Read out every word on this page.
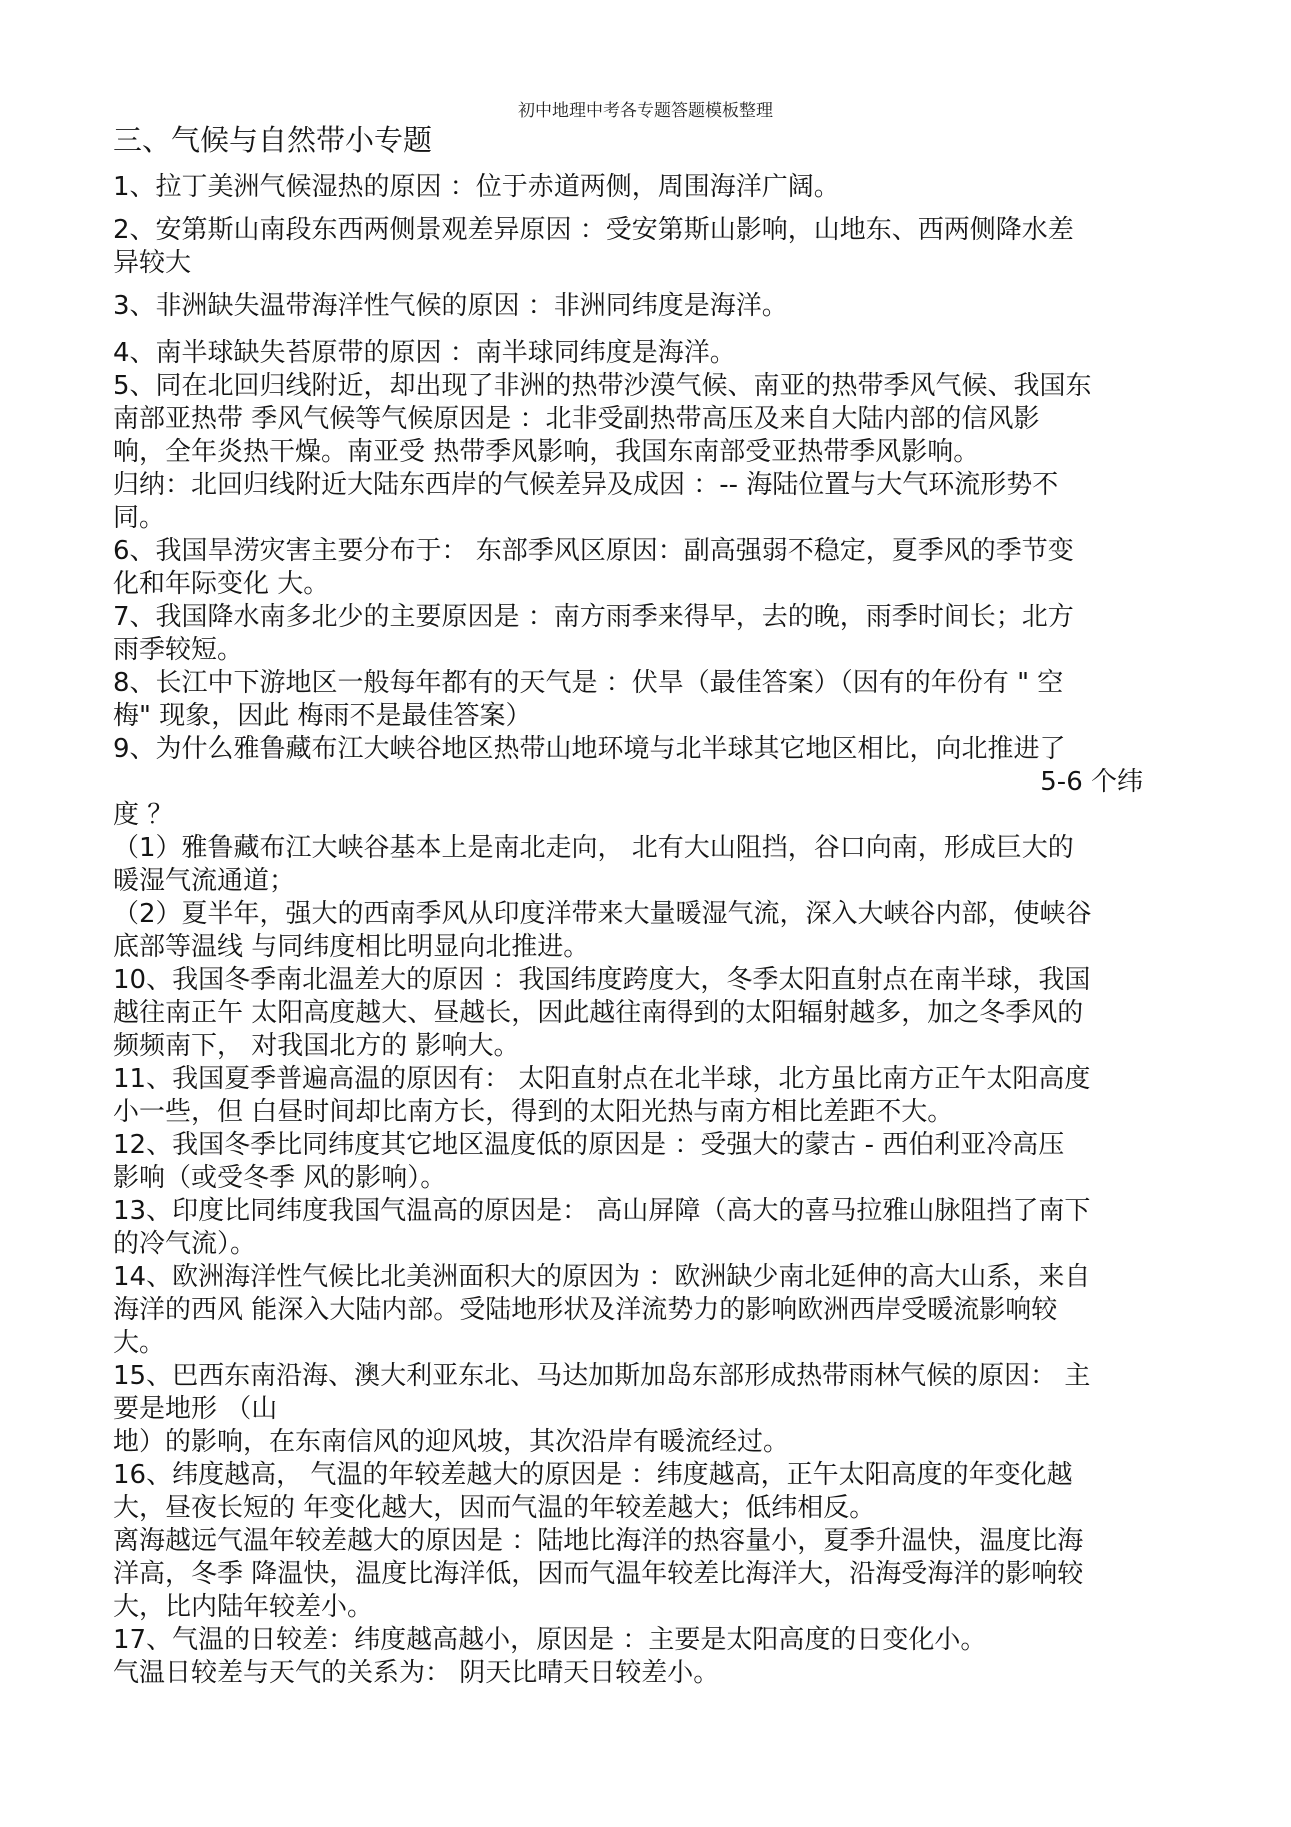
初中地理中考各专题答题模板整理

三、气候与自然带小专题

1、拉丁美洲气候湿热的原因 ：位于赤道两侧，周围海洋广阔。

2、安第斯山南段东西两侧景观差异原因 ：受安第斯山影响，山地东、西两侧降水差

异较大

3、非洲缺失温带海洋性气候的原因 ：非洲同纬度是海洋。

4、南半球缺失苔原带的原因 ：南半球同纬度是海洋。

5、同在北回归线附近，却出现了非洲的热带沙漠气候、南亚的热带季风气候、我国东

南部亚热带 季风气候等气候原因是 ：北非受副热带高压及来自大陆内部的信风影

响，全年炎热干燥。南亚受 热带季风影响，我国东南部受亚热带季风影响。

归纳：北回归线附近大陆东西岸的气候差异及成因 ：-- 海陆位置与大气环流形势不

同。

6、我国旱涝灾害主要分布于： 东部季风区原因：副高强弱不稳定，夏季风的季节变

化和年际变化 大。

7、我国降水南多北少的主要原因是 ：南方雨季来得早，去的晚，雨季时间长；北方

雨季较短。

8、长江中下游地区一般每年都有的天气是 ：伏旱（最佳答案）（因有的年份有 " 空

梅" 现象，因此 梅雨不是最佳答案）

9、为什么雅鲁藏布江大峡谷地区热带山地环境与北半球其它地区相比，向北推进了

5-6 个纬

度 ？

（1）雅鲁藏布江大峡谷基本上是南北走向， 北有大山阻挡，谷口向南，形成巨大的

暖湿气流通道；

（2）夏半年，强大的西南季风从印度洋带来大量暖湿气流，深入大峡谷内部，使峡谷

底部等温线 与同纬度相比明显向北推进。

10、我国冬季南北温差大的原因 ：我国纬度跨度大，冬季太阳直射点在南半球，我国

越往南正午 太阳高度越大、昼越长，因此越往南得到的太阳辐射越多，加之冬季风的

频频南下， 对我国北方的 影响大。

11、我国夏季普遍高温的原因有： 太阳直射点在北半球，北方虽比南方正午太阳高度

小一些，但 白昼时间却比南方长，得到的太阳光热与南方相比差距不大。

12、我国冬季比同纬度其它地区温度低的原因是 ：受强大的蒙古 - 西伯利亚冷高压

影响（或受冬季 风的影响）。

13、印度比同纬度我国气温高的原因是： 高山屏障（高大的喜马拉雅山脉阻挡了南下

的冷气流）。

14、欧洲海洋性气候比北美洲面积大的原因为 ：欧洲缺少南北延伸的高大山系，来自

海洋的西风 能深入大陆内部。受陆地形状及洋流势力的影响欧洲西岸受暖流影响较

大。

15、巴西东南沿海、澳大利亚东北、马达加斯加岛东部形成热带雨林气候的原因： 主

要是地形 （山

地）的影响，在东南信风的迎风坡，其次沿岸有暖流经过。

16、纬度越高， 气温的年较差越大的原因是 ：纬度越高，正午太阳高度的年变化越

大，昼夜长短的 年变化越大，因而气温的年较差越大；低纬相反。

离海越远气温年较差越大的原因是 ：陆地比海洋的热容量小，夏季升温快，温度比海

洋高，冬季 降温快，温度比海洋低，因而气温年较差比海洋大，沿海受海洋的影响较

大，比内陆年较差小。

17、气温的日较差：纬度越高越小，原因是 ：主要是太阳高度的日变化小。

气温日较差与天气的关系为： 阴天比晴天日较差小。
